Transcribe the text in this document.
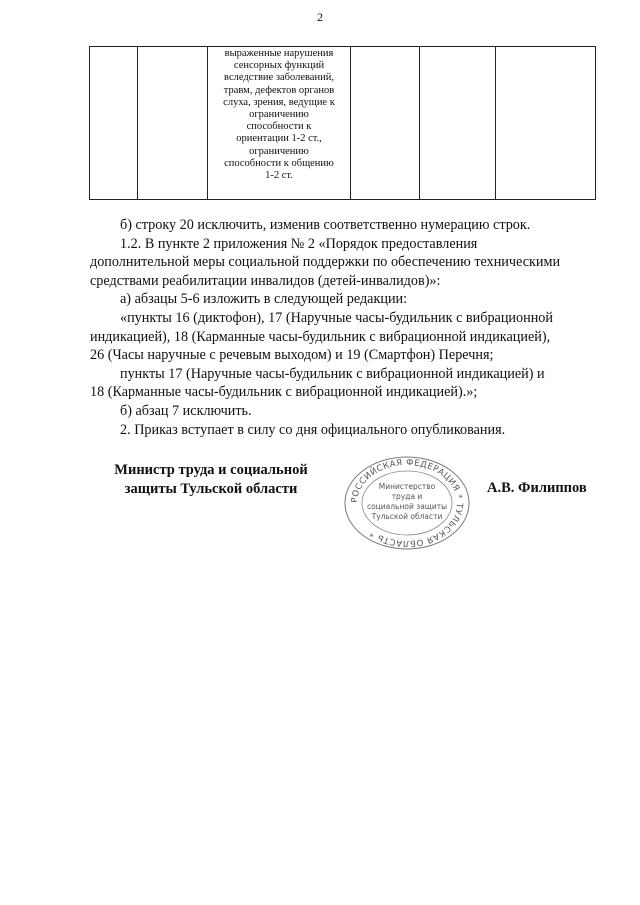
2

выраженные нарушения
сенсорных функций
вследствие заболеваний,
травм, дефектов органов
слуха, зрения, ведущие к
ограничению
способности к
ориентации 1-2 ст.,
ограничению
способности к общению
1-2 ст.

б) строку 20 исключить, изменив соответственно нумерацию строк.
1.2. В пункте 2 приложения № 2 «Порядок предоставления
дополнительной меры социальной поддержки по обеспечению техническими
средствами реабилитации инвалидов (детей-инвалидов)»:
а) абзацы 5-6 изложить в следующей редакции:
«пункты 16 (диктофон), 17 (Наручные часы-будильник с вибрационной
индикацией), 18 (Карманные часы-будильник с вибрационной индикацией),
26 (Часы наручные с речевым выходом) и 19 (Смартфон) Перечня;
пункты 17 (Наручные часы-будильник с вибрационной индикацией) и
18 (Карманные часы-будильник с вибрационной индикацией).»;
б) абзац 7 исключить.
2. Приказ вступает в силу со дня официального опубликования.
Министр труда и социальной
защиты Тульской области
РОССИЙСКАЯ ФЕДЕРАЦИЯ * ТУЛЬСКАЯ ОБЛАСТЬ *
Министерство
труда и
социальной защиты
Тульской области
А.В. Филиппов
